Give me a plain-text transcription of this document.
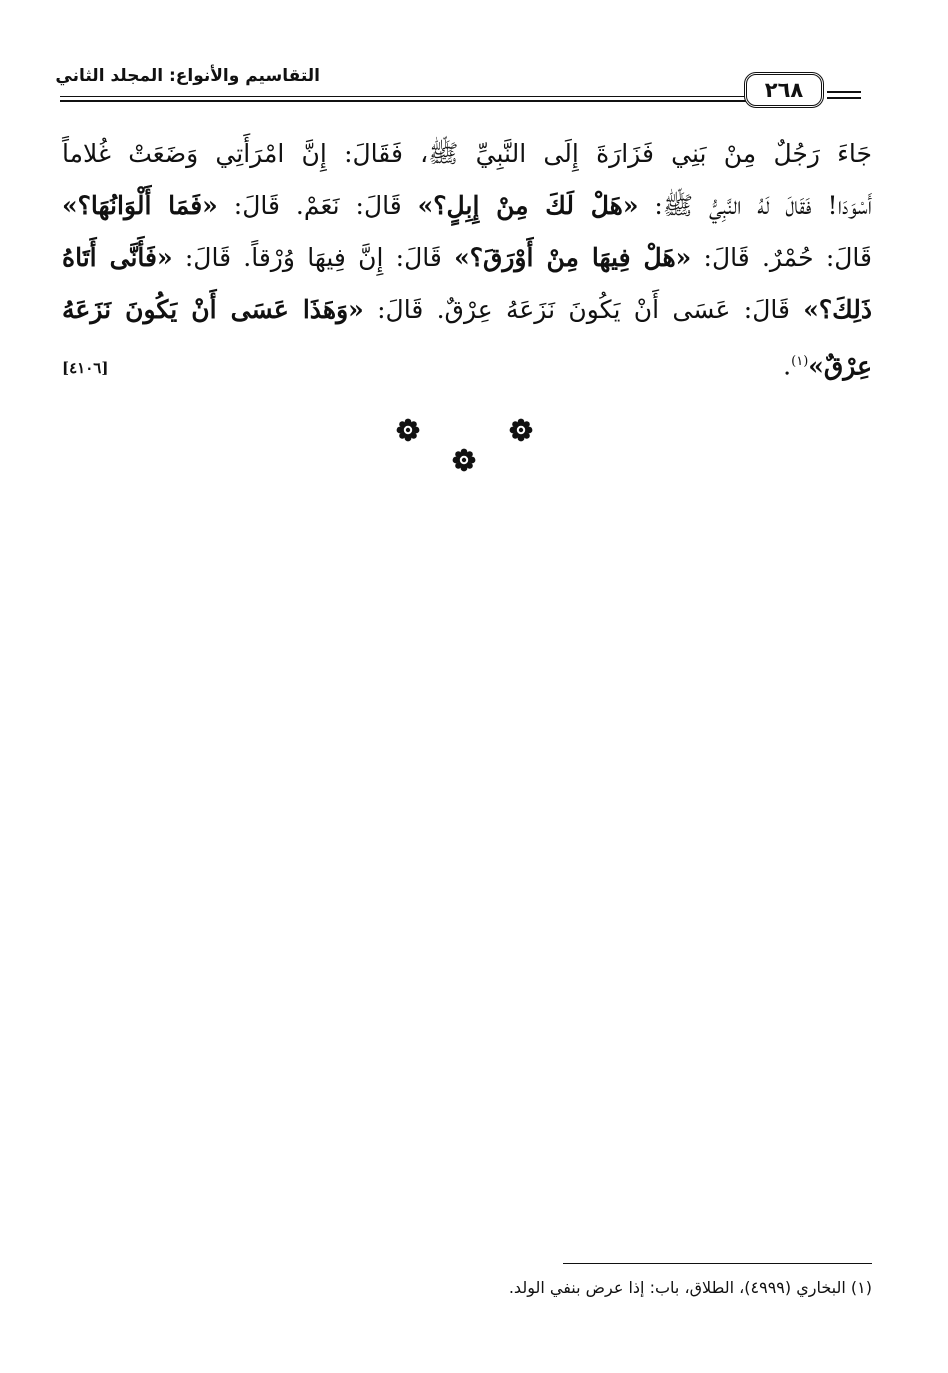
التقاسيم والأنواع: المجلد الثاني
٢٦٨
جَاءَ رَجُلٌ مِنْ بَنِي فَزَارَةَ إِلَى النَّبِيِّ ﷺ، فَقَالَ: إِنَّ امْرَأَتِي وَضَعَتْ غُلاماً
أَسْوَدَا! فَقَالَ لَهُ النَّبِيُّ ﷺ: «هَلْ لَكَ مِنْ إِبِلٍ؟» قَالَ: نَعَمْ. قَالَ: «فَمَا أَلْوَانُهَا؟»
قَالَ: حُمْرٌ. قَالَ: «هَلْ فِيهَا مِنْ أَوْرَقَ؟» قَالَ: إِنَّ فِيهَا وُرْقاً. قَالَ: «فَأَنَّى أَتَاهُ
ذَلِكَ؟» قَالَ: عَسَى أَنْ يَكُونَ نَزَعَهُ عِرْقٌ. قَالَ: «وَهَذَا عَسَى أَنْ يَكُونَ نَزَعَهُ
عِرْقٌ»$^{(١)}$.
[٤١٠٦]
(١) البخاري (٤٩٩٩)، الطلاق، باب: إذا عرض بنفي الولد.
